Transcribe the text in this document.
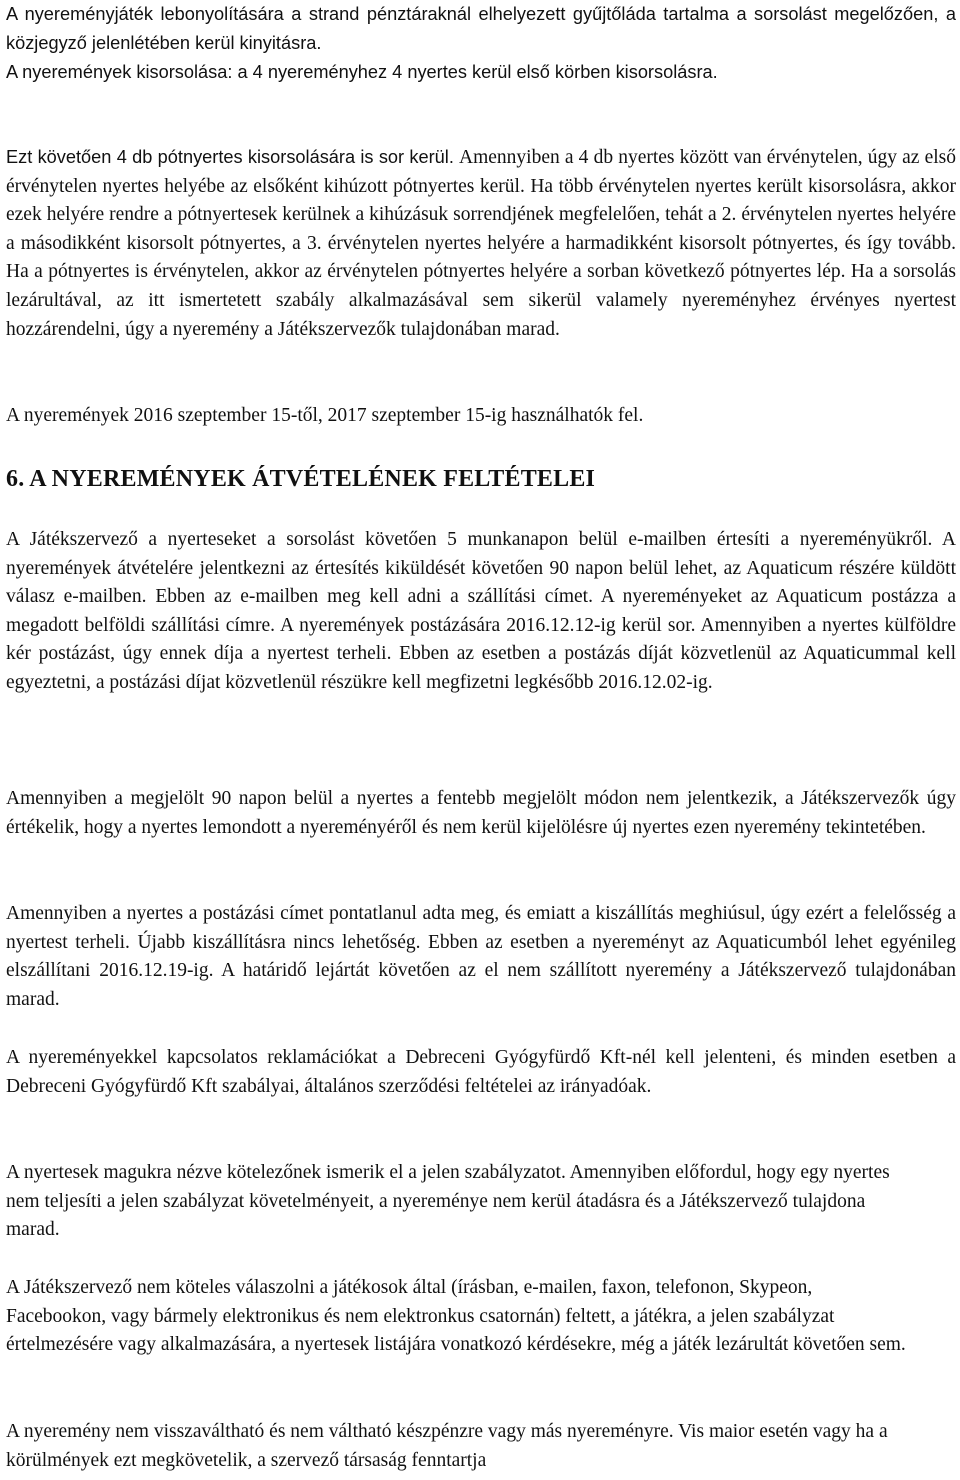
A nyereményjáték lebonyolítására a strand pénztáraknál elhelyezett gyűjtőláda tartalma a sorsolást megelőzően, a közjegyző jelenlétében kerül kinyitásra.

A nyeremények kisorsolása: a 4 nyereményhez 4 nyertes kerül első körben kisorsolásra.

Ezt követően 4 db pótnyertes kisorsolására is sor kerül. Amennyiben a 4 db nyertes között van érvénytelen, úgy az első érvénytelen nyertes helyébe az elsőként kihúzott pótnyertes kerül. Ha több érvénytelen nyertes került kisorsolásra, akkor ezek helyére rendre a pótnyertesek kerülnek a kihúzásuk sorrendjének megfelelően, tehát a 2. érvénytelen nyertes helyére a másodikként kisorsolt pótnyertes, a 3. érvénytelen nyertes helyére a harmadikként kisorsolt pótnyertes, és így tovább. Ha a pótnyertes is érvénytelen, akkor az érvénytelen pótnyertes helyére a sorban következő pótnyertes lép. Ha a sorsolás lezárultával, az itt ismertetett szabály alkalmazásával sem sikerül valamely nyereményhez érvényes nyertest hozzárendelni, úgy a nyeremény a Játékszervezők tulajdonában marad.

A nyeremények 2016 szeptember 15-től, 2017 szeptember 15-ig használhatók fel.

6. A NYEREMÉNYEK ÁTVÉTELÉNEK FELTÉTELEI

A Játékszervező a nyerteseket a sorsolást követően 5 munkanapon belül e-mailben értesíti a nyereményükről. A nyeremények átvételére jelentkezni az értesítés kiküldését követően 90 napon belül lehet, az Aquaticum részére küldött válasz e-mailben. Ebben az e-mailben meg kell adni a szállítási címet. A nyereményeket az Aquaticum postázza a megadott belföldi szállítási címre. A nyeremények postázására 2016.12.12-ig kerül sor. Amennyiben a nyertes külföldre kér postázást, úgy ennek díja a nyertest terheli. Ebben az esetben a postázás díját közvetlenül az Aquaticummal kell egyeztetni, a postázási díjat közvetlenül részükre kell megfizetni legkésőbb 2016.12.02-ig.

Amennyiben a megjelölt 90 napon belül a nyertes a fentebb megjelölt módon nem jelentkezik, a Játékszervezők úgy értékelik, hogy a nyertes lemondott a nyereményéről és nem kerül kijelölésre új nyertes ezen nyeremény tekintetében.

Amennyiben a nyertes a postázási címet pontatlanul adta meg, és emiatt a kiszállítás meghiúsul, úgy ezért a felelősség a nyertest terheli. Újabb kiszállításra nincs lehetőség. Ebben az esetben a nyereményt az Aquaticumból lehet egyénileg elszállítani 2016.12.19-ig. A határidő lejártát követően az el nem szállított nyeremény a Játékszervező tulajdonában marad.

A nyereményekkel kapcsolatos reklamációkat a Debreceni Gyógyfürdő Kft-nél kell jelenteni, és minden esetben a Debreceni Gyógyfürdő Kft szabályai, általános szerződési feltételei az irányadóak.

A nyertesek magukra nézve kötelezőnek ismerik el a jelen szabályzatot. Amennyiben előfordul, hogy egy nyertes nem teljesíti a jelen szabályzat követelményeit, a nyereménye nem kerül átadásra és a Játékszervező tulajdona marad.

A Játékszervező nem köteles válaszolni a játékosok által (írásban, e-mailen, faxon, telefonon, Skypeon, Facebookon, vagy bármely elektronikus és nem elektronkus csatornán) feltett, a játékra, a jelen szabályzat értelmezésére vagy alkalmazására, a nyertesek listájára vonatkozó kérdésekre, még a játék lezárultát követően sem.

A nyeremény nem visszaváltható és nem váltható készpénzre vagy más nyereményre. Vis maior esetén vagy ha a körülmények ezt megkövetelik, a szervező társaság fenntartja
